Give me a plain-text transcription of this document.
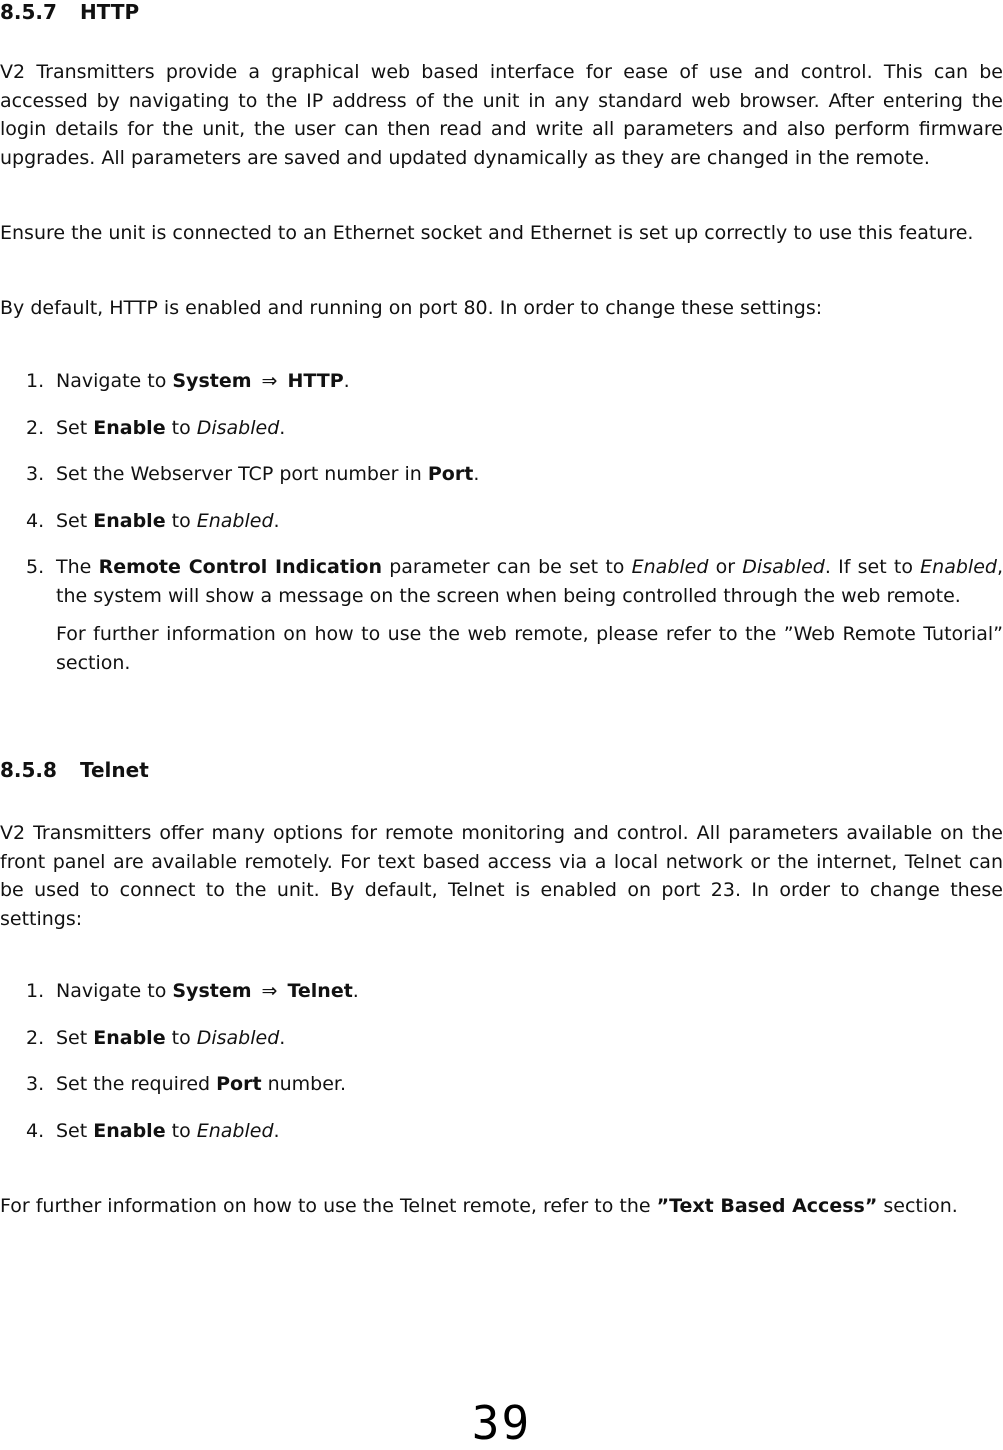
8.5.7 HTTP

V2 Transmitters provide a graphical web based interface for ease of use and control. This can be accessed by navigating to the IP address of the unit in any standard web browser. After entering the login details for the unit, the user can then read and write all parameters and also perform firmware upgrades. All parameters are saved and updated dynamically as they are changed in the remote.

Ensure the unit is connected to an Ethernet socket and Ethernet is set up correctly to use this feature.

By default, HTTP is enabled and running on port 80. In order to change these settings:

1. Navigate to System ⇒ HTTP.
2. Set Enable to Disabled.
3. Set the Webserver TCP port number in Port.
4. Set Enable to Enabled.
5. The Remote Control Indication parameter can be set to Enabled or Disabled. If set to Enabled, the system will show a message on the screen when being controlled through the web remote.
For further information on how to use the web remote, please refer to the ”Web Remote Tutorial” section.
8.5.8 Telnet

V2 Transmitters offer many options for remote monitoring and control. All parameters available on the front panel are available remotely. For text based access via a local network or the internet, Telnet can be used to connect to the unit. By default, Telnet is enabled on port 23. In order to change these settings:

1. Navigate to System ⇒ Telnet.
2. Set Enable to Disabled.
3. Set the required Port number.
4. Set Enable to Enabled.

For further information on how to use the Telnet remote, refer to the ”Text Based Access” section.

39
